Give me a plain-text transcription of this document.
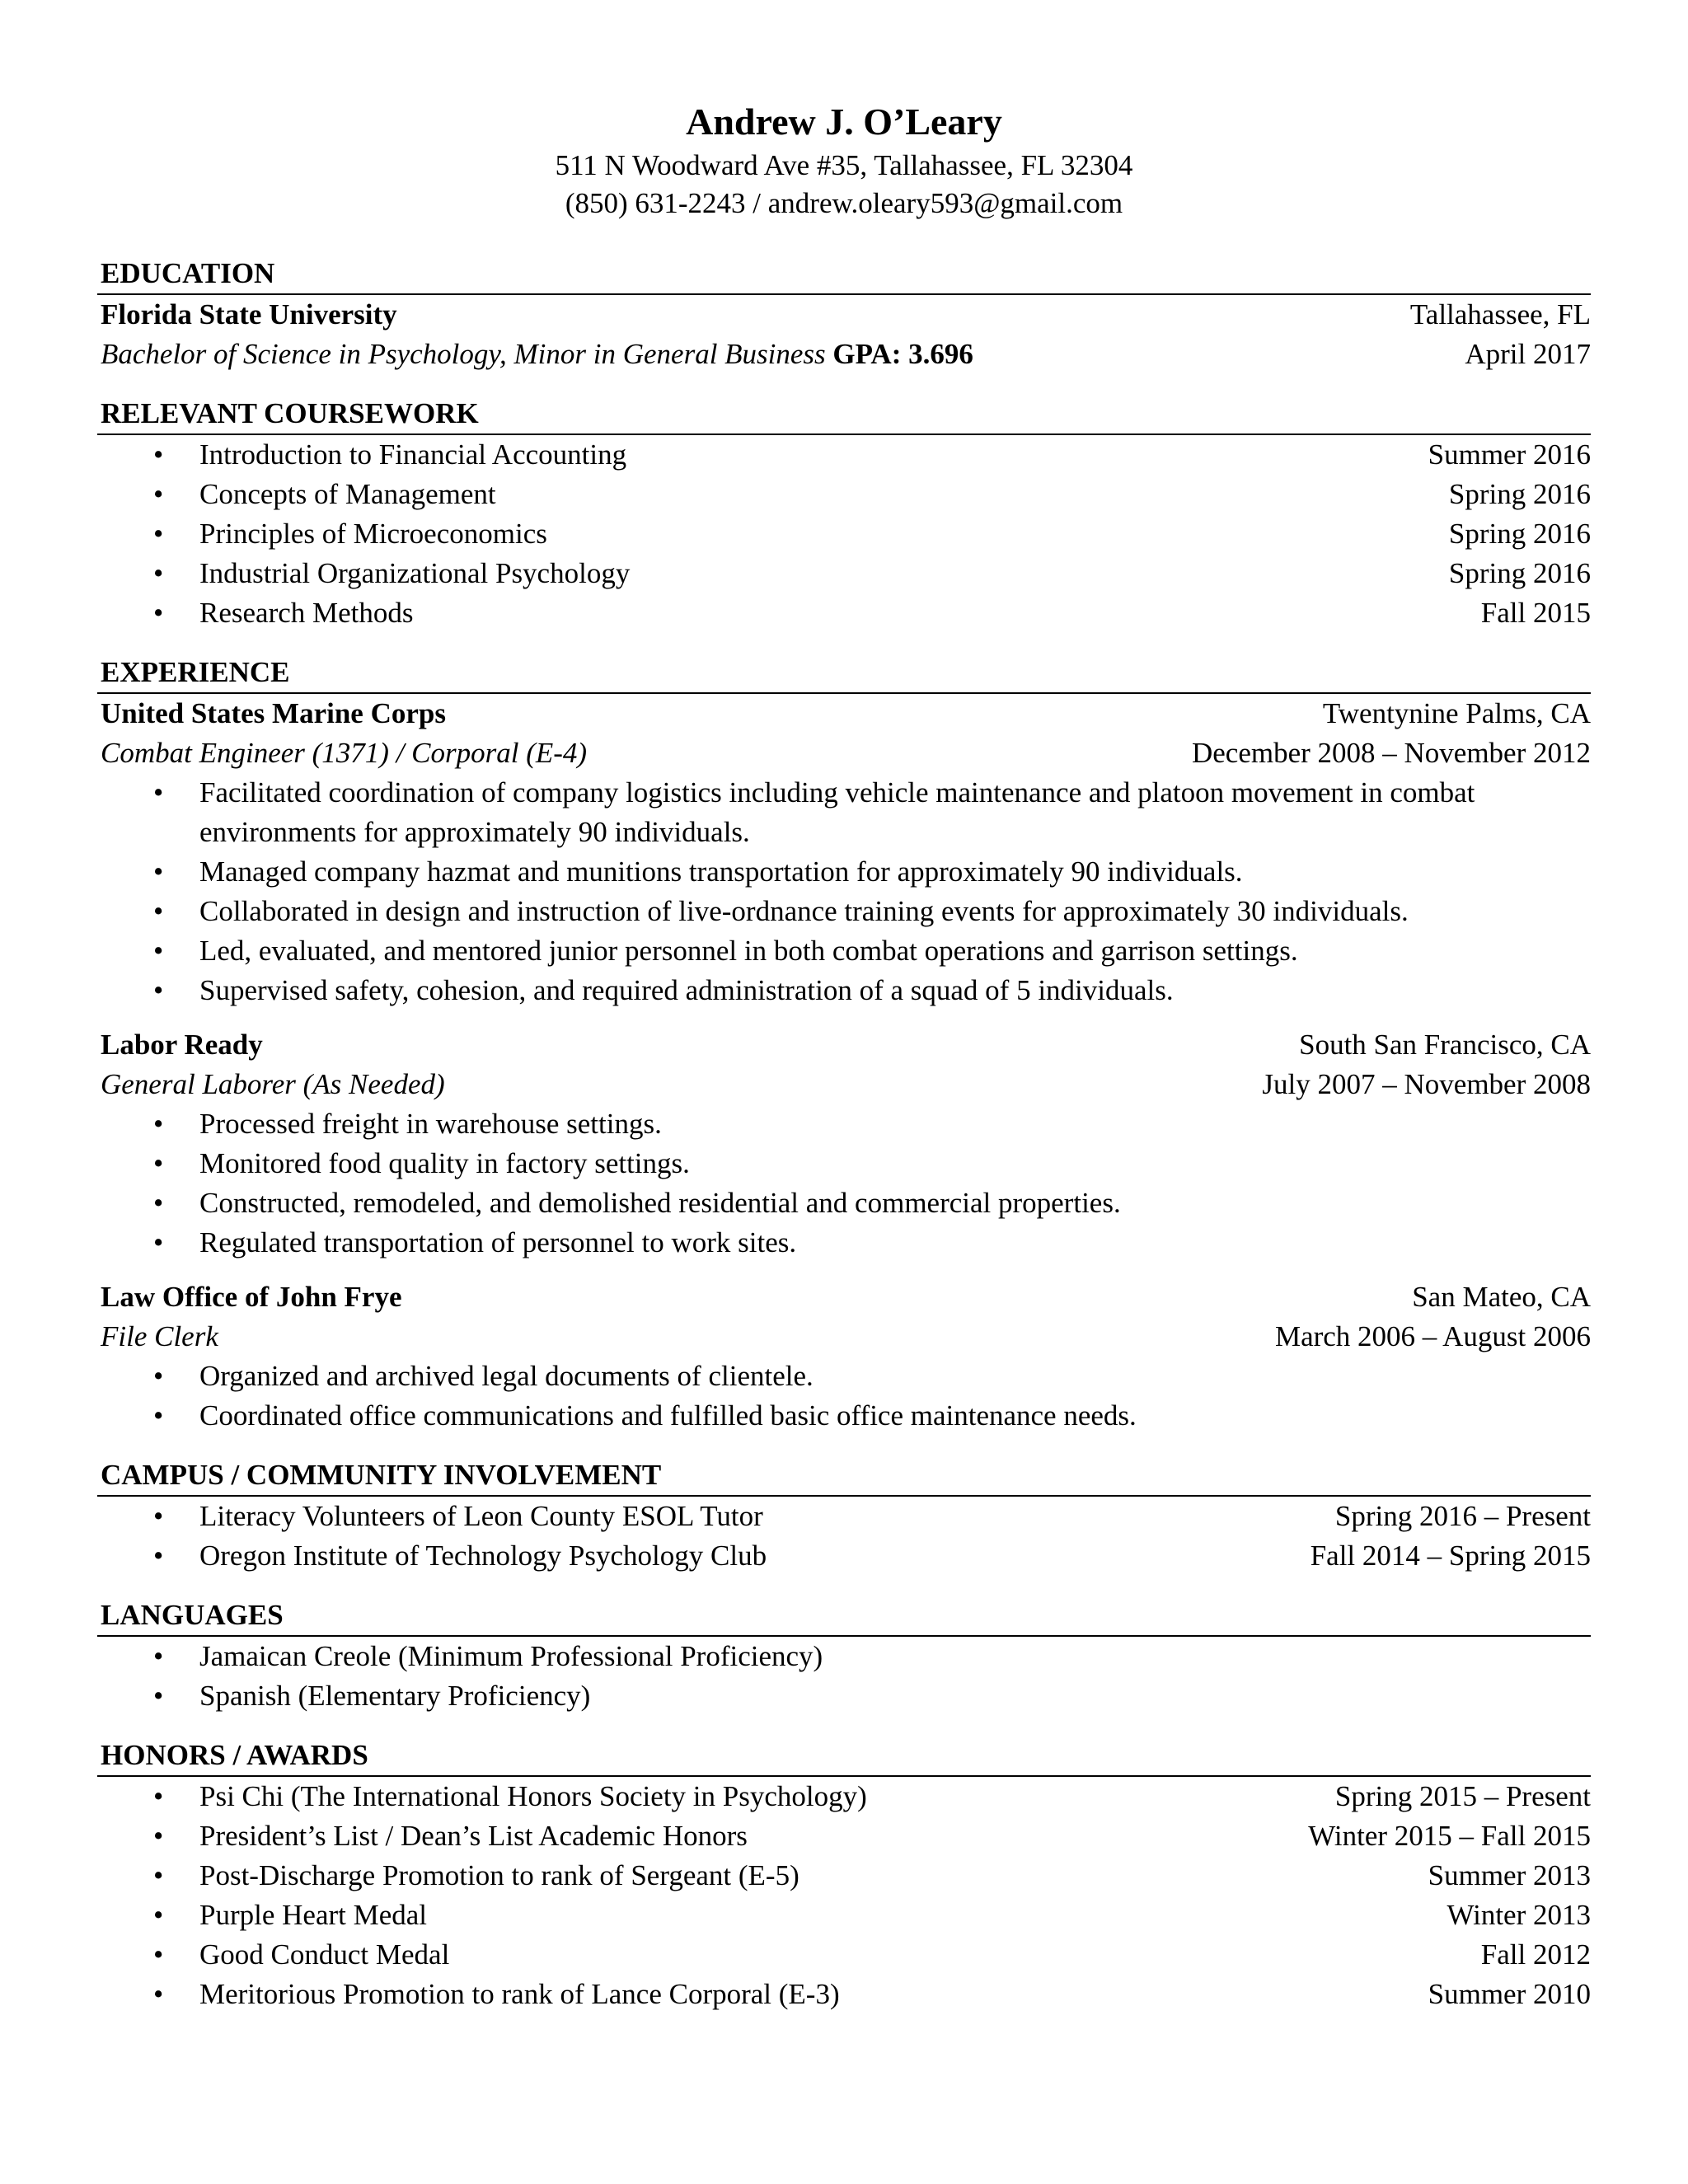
Andrew J. O’Leary
511 N Woodward Ave #35, Tallahassee, FL 32304
(850) 631-2243 / andrew.oleary593@gmail.com
EDUCATION
Florida State University	Tallahassee, FL
Bachelor of Science in Psychology, Minor in General Business GPA: 3.696	April 2017
RELEVANT COURSEWORK
• Introduction to Financial Accounting	Summer 2016
• Concepts of Management	Spring 2016
• Principles of Microeconomics	Spring 2016
• Industrial Organizational Psychology	Spring 2016
• Research Methods	Fall 2015
EXPERIENCE
United States Marine Corps	Twentynine Palms, CA
Combat Engineer (1371) / Corporal (E-4)	December 2008 – November 2012
• Facilitated coordination of company logistics including vehicle maintenance and platoon movement in combat environments for approximately 90 individuals.
• Managed company hazmat and munitions transportation for approximately 90 individuals.
• Collaborated in design and instruction of live-ordnance training events for approximately 30 individuals.
• Led, evaluated, and mentored junior personnel in both combat operations and garrison settings.
• Supervised safety, cohesion, and required administration of a squad of 5 individuals.
Labor Ready	South San Francisco, CA
General Laborer (As Needed)	July 2007 – November 2008
• Processed freight in warehouse settings.
• Monitored food quality in factory settings.
• Constructed, remodeled, and demolished residential and commercial properties.
• Regulated transportation of personnel to work sites.
Law Office of John Frye	San Mateo, CA
File Clerk	March 2006 – August 2006
• Organized and archived legal documents of clientele.
• Coordinated office communications and fulfilled basic office maintenance needs.
CAMPUS / COMMUNITY INVOLVEMENT
• Literacy Volunteers of Leon County ESOL Tutor	Spring 2016 – Present
• Oregon Institute of Technology Psychology Club	Fall 2014 – Spring 2015
LANGUAGES
• Jamaican Creole (Minimum Professional Proficiency)
• Spanish (Elementary Proficiency)
HONORS / AWARDS
• Psi Chi (The International Honors Society in Psychology)	Spring 2015 – Present
• President’s List / Dean’s List Academic Honors	Winter 2015 – Fall 2015
• Post-Discharge Promotion to rank of Sergeant (E-5)	Summer 2013
• Purple Heart Medal	Winter 2013
• Good Conduct Medal	Fall 2012
• Meritorious Promotion to rank of Lance Corporal (E-3)	Summer 2010
